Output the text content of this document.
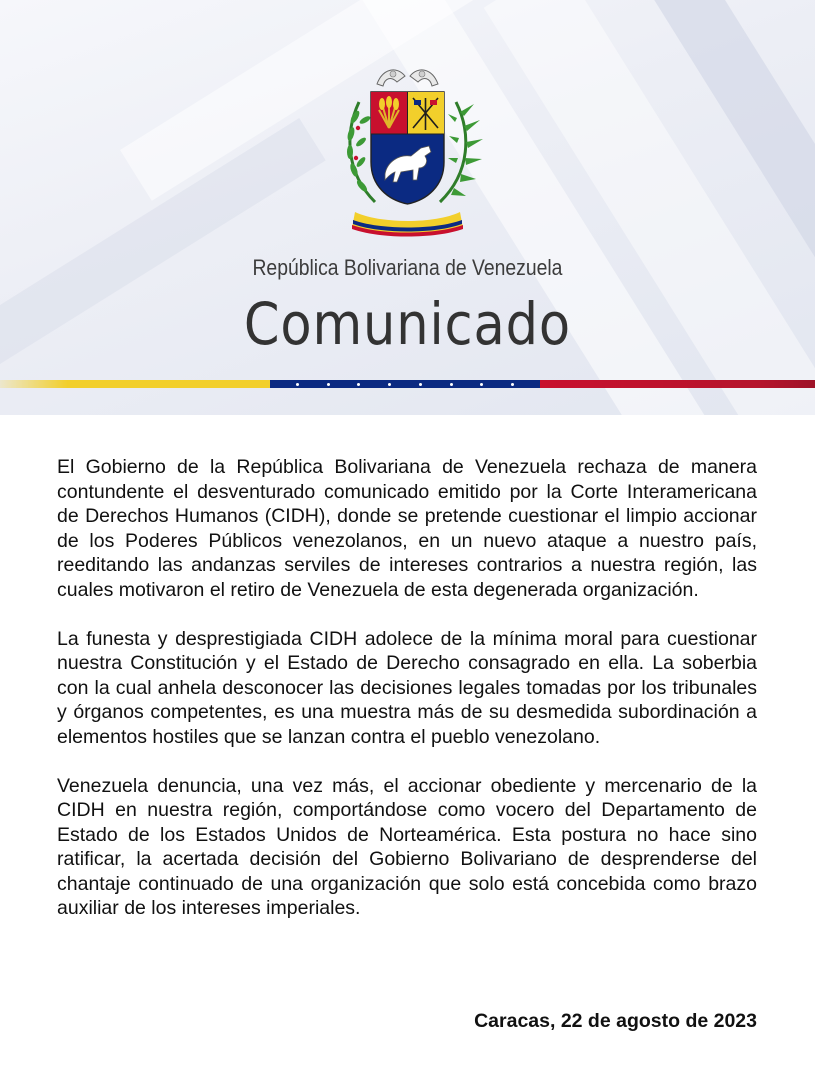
República Bolivariana de Venezuela
Comunicado

El Gobierno de la República Bolivariana de Venezuela rechaza de manera contundente el desventurado comunicado emitido por la Corte Interamericana de Derechos Humanos (CIDH), donde se pretende cuestionar el limpio accionar de los Poderes Públicos venezolanos, en un nuevo ataque a nuestro país, reeditando las andanzas serviles de intereses contrarios a nuestra región, las cuales motivaron el retiro de Venezuela de esta degenerada organización.

La funesta y desprestigiada CIDH adolece de la mínima moral para cuestionar nuestra Constitución y el Estado de Derecho consagrado en ella. La soberbia con la cual anhela desconocer las decisiones legales tomadas por los tribunales y órganos competentes, es una muestra más de su desmedida subordinación a elementos hostiles que se lanzan contra el pueblo venezolano.

Venezuela denuncia, una vez más, el accionar obediente y mercenario de la CIDH en nuestra región, comportándose como vocero del Departamento de Estado de los Estados Unidos de Norteamérica. Esta postura no hace sino ratificar, la acertada decisión del Gobierno Bolivariano de desprenderse del chantaje continuado de una organización que solo está concebida como brazo auxiliar de los intereses imperiales.

Caracas, 22 de agosto de 2023
